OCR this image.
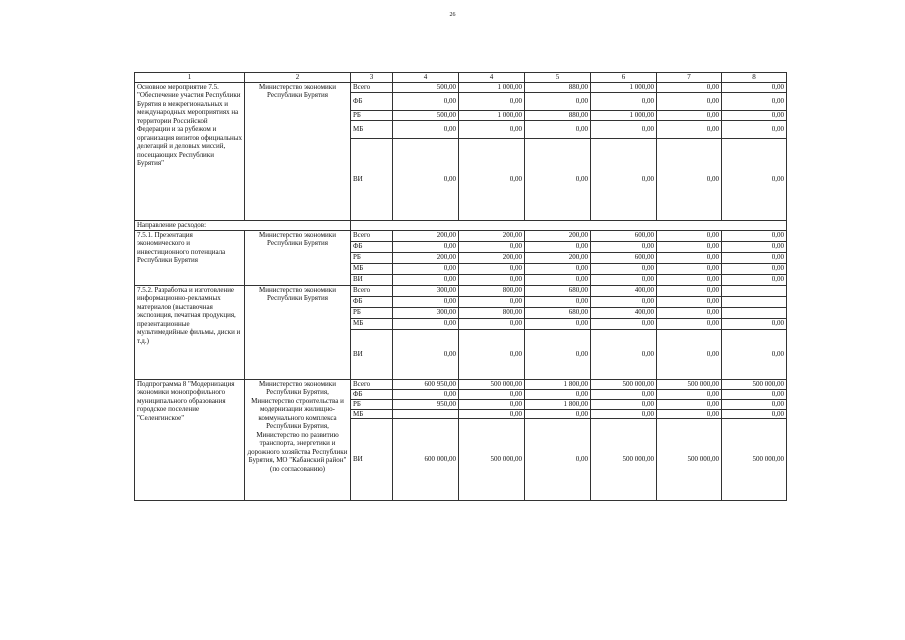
26
1	2	3	4	4	5	6	7	8
Основное мероприятие 7.5. "Обеспечение участия Республики Бурятия в межрегиональных и международных мероприятиях на территории Российской Федерации и за рубежом и организация визитов официальных делегаций и деловых миссий, посещающих Республики Бурятия"	Министерство экономики Республики Бурятия	Всего	500,00	1 000,00	880,00	1 000,00	0,00	0,00
		ФБ	0,00	0,00	0,00	0,00	0,00	0,00
		РБ	500,00	1 000,00	880,00	1 000,00	0,00	0,00
		МБ	0,00	0,00	0,00	0,00	0,00	0,00
		ВИ	0,00	0,00	0,00	0,00	0,00	0,00
Направление расходов:								
7.5.1. Презентация экономического и инвестиционного потенциала Республики Бурятия	Министерство экономики Республики Бурятия	Всего	200,00	200,00	200,00	600,00	0,00	0,00
		ФБ	0,00	0,00	0,00	0,00	0,00	0,00
		РБ	200,00	200,00	200,00	600,00	0,00	0,00
		МБ	0,00	0,00	0,00	0,00	0,00	0,00
		ВИ	0,00	0,00	0,00	0,00	0,00	0,00
7.5.2. Разработка и изготовление информационно-рекламных материалов (выставочная экспозиция, печатная продукция, презентационные мультимедийные фильмы, диски и т.д.)	Министерство экономики Республики Бурятия	Всего	300,00	800,00	680,00	400,00	0,00	
		ФБ	0,00	0,00	0,00	0,00	0,00	
		РБ	300,00	800,00	680,00	400,00	0,00	
		МБ	0,00	0,00	0,00	0,00	0,00	0,00
		ВИ	0,00	0,00	0,00	0,00	0,00	0,00
Подпрограмма 8 "Модернизация экономики монопрофильного муниципального образования городское поселение "Селенгинское"	Министерство экономики Республики Бурятия, Министерство строительства и модернизации жилищно-коммунального комплекса Республики Бурятия, Министерство по развитию транспорта, энергетики и дорожного хозяйства Республики Бурятия, МО "Кабанский район" (по согласованию)	Всего	600 950,00	500 000,00	1 800,00	500 000,00	500 000,00	500 000,00
		ФБ	0,00	0,00	0,00	0,00	0,00	0,00
		РБ	950,00	0,00	1 800,00	0,00	0,00	0,00
		МБ		0,00	0,00	0,00	0,00	0,00
		ВИ	600 000,00	500 000,00	0,00	500 000,00	500 000,00	500 000,00
